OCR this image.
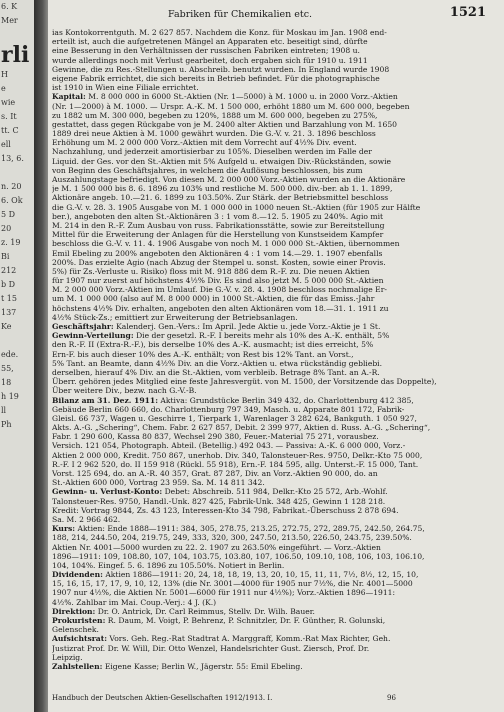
6. K
Mer
rli
H
e
wie
s. It
tt. C
ell
13, 6.
n. 20
6. Ok
5 D
20
z. 19
Bi
212
b D
t 15
137
Ke
ede.
55,
18
h 19
ll
Ph
Fabriken für Chemikalien etc.	1521
ias Kontokorrentguth. M. 2 627 857. Nachdem die Konz. für Moskau im Jan. 1908 end-
erteilt ist, auch die aufgetretenen Mängel an Apparaten etc. beseitigt sind, dürfte
eine Besserung in den Verhältnissen der russischen Fabriken eintreten; 1908 u.
wurde allerdings noch mit Verlust gearbeitet, doch ergaben sich für 1910 u. 1911
Gewinne, die zu Res.-Stellungen u. Abschreib. benutzt wurden. In England wurde 1908
eigene Fabrik errichtet, die sich bereits in Betrieb befindet. Für die photographische
ist 1910 in Wien eine Filiale errichtet.
Kapital: M. 8 000 000 in 6000 St.-Aktien (Nr. 1—5000) à M. 1000 u. in 2000 Vorz.-Aktien
(Nr. 1—2000) à M. 1000. — Urspr. A.-K. M. 1 500 000, erhöht 1880 um M. 600 000, begeben
zu 1882 um M. 300 000, begeben zu 120%, 1888 um M. 600 000, begeben zu 275%,
gestattet, dass gegen Rückgabe von je M. 2400 alter Aktien und Barzahlung von M. 1650
1889 drei neue Aktien à M. 1000 gewährt wurden. Die G.-V. v. 21. 3. 1896 beschloss
Erhöhung um M. 2 000 000 Vorz.-Aktien mit dem Vorrecht auf 4½% Div. event.
Nachzahlung, und jederzeit amortisierbar zu 105%. Dieselben werden im Falle der
Liquid. der Ges. vor den St.-Aktien mit 5% Aufgeld u. etwaigen Div.-Rückständen, sowie
von Beginn des Geschäftsjahres, in welchem die Auflösung beschlossen, bis zum
Auszahlungstage befriedigt. Von diesen M. 2 000 000 Vorz.-Aktien wurden an die Aktionäre
je M. 1 500 000 bis 8. 6. 1896 zu 103% und restliche M. 500 000. div.-ber. ab 1. 1. 1899,
Aktionäre angeb. 10.—21. 6. 1899 zu 103.50%. Zur Stärk. der Betriebsmittel beschloss
die G.-V. v. 28. 3. 1905 Ausgabe von M. 1 000 000 in 1000 neuen St.-Aktien (für 1905 zur Hälfte
ber.), angeboten den alten St.-Aktionären 3 : 1 vom 8.—12. 5. 1905 zu 240%. Agio mit
M. 214 in den R.-F. Zum Ausbau von russ. Fabrikationsstätte, sowie zur Bereitstellung
Mittel für die Erweiterung der Anlagen für die Herstellung von Kunstseidem Kampfer
beschloss die G.-V. v. 11. 4. 1906 Ausgabe von noch M. 1 000 000 St.-Aktien, übernommen
Emil Ebeling zu 200% angeboten den Aktionären 4 : 1 vom 14.—29. 1. 1907 ebenfalls
200%. Das erzielte Agio (nach Abzug der Stempel u. sonst. Kosten, sowie einer Provis.
5%) für Zs.-Verluste u. Risiko) floss mit M. 918 886 dem R.-F. zu. Die neuen Aktien
für 1907 nur zuerst auf höchstens 4½% Div. Es sind also jetzt M. 5 000 000 St.-Aktien
M. 2 000 000 Vorz.-Aktien im Umlauf. Die G.-V. v. 28. 4. 1908 beschloss nochmalige Er-
um M. 1 000 000 (also auf M. 8 000 000) in 1000 St.-Aktien, die für das Emiss.-Jahr
höchstens 4½% Div. erhalten, angeboten den alten Aktionären vom 18.—31. 1. 1911 zu
4½% Stück-Zs.; emittiert zur Erweiterung der Betriebsanlagen.
Geschäftsjahr: Kalenderj. Gen.-Vers.: Im April. Jede Aktie u. jede Vorz.-Aktie je 1 St.
Gewinn-Verteilung: Die der gesetzl. R.-F. I bereits mehr als 10% des A.-K. enthält, 5%
den R.-F. II (Extra-R.-F.), bis derselbe 10% des A.-K. ausmacht; ist dies erreicht, 5%
Ern-F. bis auch dieser 10% des A.-K. enthält; von Rest bis 12% Tant. an Vorst.,
5% Tant. an Beamte, dann 4½% Div. an die Vorz.-Aktien u. etwa rückständig gebliebi.
derselben, hierauf 4% Div. an die St.-Aktien, vom verbleib. Betrage 8% Tant. an A.-R.
Überr. gehören jedes Mitglied eine feste Jahresvergüt. von M. 1500, der Vorsitzende das Doppelte),
Über weitere Div., bezw. nach G.-V.-B.
Bilanz am 31. Dez. 1911: Aktiva: Grundstücke Berlin 349 432, do. Charlottenburg 412 385,
Gebäude Berlin 660 660, do. Charlottenburg 797 349, Masch. u. Apparate 801 172, Fabrik-
Gleisl. 66 737, Wagen u. Geschirre 1, Tierpark 1, Warenlager 3 282 624, Bankguth. 1 050 927,
Akts. A.-G. „Schering“, Chem. Fabr. 2 627 857, Debit. 2 399 977, Aktien d. Russ. A.-G. „Schering“,
Fabr. 1 290 600, Kassa 80 837, Wechsel 290 380, Feuer.-Material 75 271, vorausbez.
Versich. 121 054, Photograph. Abteil. (Betellig.) 492 043. — Passiva: A.-K. 6 000 000, Vorz.-
Aktien 2 000 000, Kredit. 750 867, unerhob. Div. 340, Talonsteuer-Res. 9750, Delkr.-Kto 75 000,
R.-F. I 2 962 520, do. II 159 918 (Rückl. 55 918), Ern.-F. 184 595, allg. Unterst.-F. 15 000, Tant.
Vorst. 125 694, do. an A.-R. 40 357, Grat. 87 287, Div. an Vorz.-Aktien 90 000, do. an
St.-Aktien 600 000, Vortrag 23 959. Sa. M. 14 811 342.
Gewinn- u. Verlust-Konto: Debet: Abschreib. 511 984, Delkr.-Kto 25 572, Arb.-Wohlf.
Talonsteuer-Res. 9750, Handl.-Unk. 827 425, Fabrik-Unk. 348 425, Gewinn 1 128 218.
Kredit: Vortrag 9844, Zs. 43 123, Interessen-Kto 34 798, Fabrikat.-Überschuss 2 878 694.
Sa. M. 2 966 462.
Kurs: Aktien: Ende 1888—1911: 384, 305, 278.75, 213.25, 272.75, 272, 289.75, 242.50, 264.75,
188, 214, 244.50, 204, 219.75, 249, 333, 320, 300, 247.50, 213.50, 226.50, 243.75, 239.50%.
Aktien Nr. 4001—5000 wurden zu 22. 2. 1907 zu 263.50% eingeführt. — Vorz.-Aktien
1896—1911: 109, 108.80, 107, 104, 103.75, 103.80, 107, 106.50, 109.10, 108, 106, 103, 106.10,
104, 104%. Eingef. 5. 6. 1896 zu 105.50%. Notiert in Berlin.
Dividenden: Aktien 1886—1911: 20, 24, 18, 18, 19, 13, 20, 10, 15, 11, 11, 7½, 8½, 12, 15, 10,
15, 16, 15, 17, 17, 9, 10, 12, 13% (die Nr. 3001—4000 für 1905 nur 7½%, die Nr. 4001—5000
1907 nur 4½%, die Aktien Nr. 5001—6000 für 1911 nur 4½%); Vorz.-Aktien 1896—1911:
4½%. Zahlbar im Mai. Coup.-Verj.: 4 J. (K.)
Direktion: Dr. O. Antrick, Dr. Carl Reimmus, Stellv. Dr. Wilh. Bauer.
Prokuristen: R. Daum, M. Voigt, P. Behrenz, P. Schnitzler, Dr. F. Günther, R. Golunski,
Gelenschek.
Aufsichtsrat: Vors. Geh. Reg.-Rat Stadtrat A. Marggraff, Komm.-Rat Max Richter, Geh.
Justizrat Prof. Dr. W. Will, Dir. Otto Wenzel, Handelsrichter Gust. Ziersch, Prof. Dr.
Leipzig.
Zahlstellen: Eigene Kasse; Berlin W., Jägerstr. 55: Emil Ebeling.
Handbuch der Deutschen Aktien-Gesellschaften 1912/1913. I.	96
